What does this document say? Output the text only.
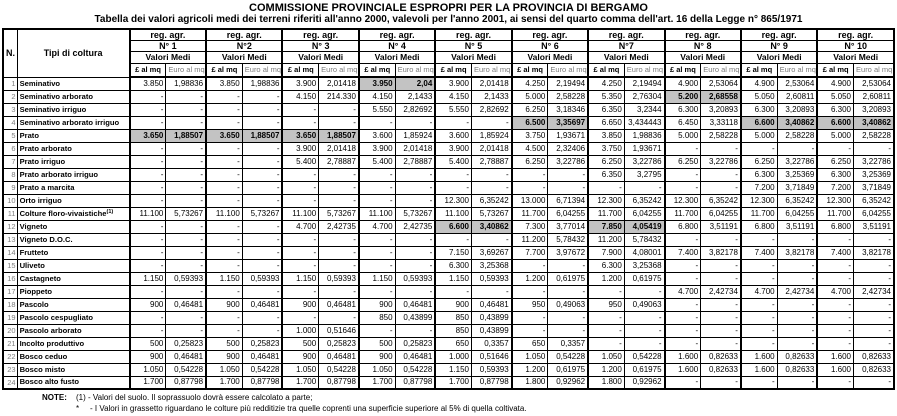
COMMISSIONE PROVINCIALE ESPROPRI PER LA PROVINCIA DI BERGAMO
Tabella dei valori agricoli medi dei terreni riferiti all'anno 2000, valevoli per l'anno 2001, ai sensi del quarto comma dell'art. 16 della Legge n° 865/1971
N.	Tipi di coltura	reg. agr.		reg. agr.		reg. agr.		reg. agr.		reg. agr.		reg. agr.		reg. agr.		reg. agr.		reg. agr.		reg. agr.	
		N° 1		N°2		N° 3		N° 4		N° 5		N° 6		N°7		N° 8		N° 9		N° 10	
		Valori Medi		Valori Medi		Valori Medi		Valori Medi		Valori Medi		Valori Medi		Valori Medi		Valori Medi		Valori Medi		Valori Medi	
		£ al mq	Euro al mq	£ al mq	Euro al mq	£ al mq	Euro al mq	£ al mq	Euro al mq	£ al mq	Euro al mq	£ al mq	Euro al mq	£ al mq	Euro al mq	£ al mq	Euro al mq	£ al mq	Euro al mq	£ al mq	Euro al mq
1	Seminativo	3.850	1,98836	3.850	1,98836	3.900	2,01418	3.950	2,04	3.900	2,01418	4.250	2,19494	4.250	2,19494	4.900	2,53064	4.900	2,53064	4.900	2,53064
2	Seminativo arborato	-	-	-	-	4.150	214.330	4.150	2,1433	4.150	2,1433	5.000	2,58228	5.350	2,76304	5.200	2,68558	5.050	2,60811	5.050	2,60811
3	Seminativo irriguo	-	-	-	-	-	-	5.550	2,82692	5.550	2,82692	6.250	3,18346	6.350	3,2344	6.300	3,20893	6.300	3,20893	6.300	3,20893
4	Seminativo arborato irriguo	-	-	-	-	-	-	-	-	-	-	6.500	3,35697	6.650	3,434443	6.450	3,33118	6.600	3,40862	6.600	3,40862
5	Prato	3.650	1,88507	3.650	1,88507	3.650	1,88507	3.600	1,85924	3.600	1,85924	3.750	1,93671	3.850	1,98836	5.000	2,58228	5.000	2,58228	5.000	2,58228
6	Prato arborato	-	-	-	-	3.900	2,01418	3.900	2,01418	3.900	2,01418	4.500	2,32406	3.750	1,93671	-	-	-	-	-	-
7	Prato irriguo	-	-	-	-	5.400	2,78887	5.400	2,78887	5.400	2,78887	6.250	3,22786	6.250	3,22786	6.250	3,22786	6.250	3,22786	6.250	3,22786
8	Prato arborato irriguo	-	-	-	-	-	-	-	-	-	-	-	-	6.350	3,2795	-	-	6.300	3,25369	6.300	3,25369
9	Prato a marcita	-	-	-	-	-	-	-	-	-	-	-	-	-	-	-	-	7.200	3,71849	7.200	3,71849
10	Orto irriguo	-	-	-	-	-	-	-	-	12.300	6,35242	13.000	6,71394	12.300	6,35242	12.300	6,35242	12.300	6,35242	12.300	6,35242
11	Colture floro-vivaistiche$^{(1)}$	11.100	5,73267	11.100	5,73267	11.100	5,73267	11.100	5,73267	11.100	5,73267	11.700	6,04255	11.700	6,04255	11.700	6,04255	11.700	6,04255	11.700	6,04255
12	Vigneto	-	-	-	-	4.700	2,42735	4.700	2,42735	6.600	3,40862	7.300	3,77014	7.850	4,05419	6.800	3,51191	6.800	3,51191	6.800	3,51191
13	Vigneto D.O.C.	-	-	-	-	-	-	-	-	-	-	11.200	5,78432	11.200	5,78432	-	-	-	-	-	-
14	Frutteto	-	-	-	-	-	-	-	-	7.150	3,69267	7.700	3,97672	7.900	4,08001	7.400	3,82178	7.400	3,82178	7.400	3,82178
15	Uliveto	-	-	-	-	-	-	-	-	6.300	3,25368	-	-	6.300	3,25368	-	-	-	-	-	-
16	Castagneto	1.150	0,59393	1.150	0,59393	1.150	0,59393	1.150	0,59393	1.150	0,59393	1.200	0,61975	1.200	0,61975	-	-	-	-	-	-
17	Pioppeto	-	-	-	-	-	-	-	-	-	-	-	-	-	-	4.700	2,42734	4.700	2,42734	4.700	2,42734
18	Pascolo	900	0,46481	900	0,46481	900	0,46481	900	0,46481	900	0,46481	950	0,49063	950	0,49063	-	-	-	-	-	-
19	Pascolo cespugliato	-	-	-	-	-	-	850	0,43899	850	0,43899	-	-	-	-	-	-	-	-	-	-
20	Pascolo arborato	-	-	-	-	1.000	0,51646	-	-	850	0,43899	-	-	-	-	-	-	-	-	-	-
21	Incolto produttivo	500	0,25823	500	0,25823	500	0,25823	500	0,25823	650	0,3357	650	0,3357	-	-	-	-	-	-	-	-
22	Bosco ceduo	900	0,46481	900	0,46481	900	0,46481	900	0,46481	1.000	0,51646	1.050	0,54228	1.050	0,54228	1.600	0,82633	1.600	0,82633	1.600	0,82633
23	Bosco misto	1.050	0,54228	1.050	0,54228	1.050	0,54228	1.050	0,54228	1.150	0,59393	1.200	0,61975	1.200	0,61975	1.600	0,82633	1.600	0,82633	1.600	0,82633
24	Bosco alto fusto	1.700	0,87798	1.700	0,87798	1.700	0,87798	1.700	0,87798	1.700	0,87798	1.800	0,92962	1.800	0,92962	-	-	-	-	-	-
NOTE: (1) - Valori del suolo. Il soprassuolo dovrà essere calcolato a parte;
* - I Valori in grassetto riguardano le colture più redditizie tra quelle coprenti una superficie superiore al 5% di quella coltivata.
